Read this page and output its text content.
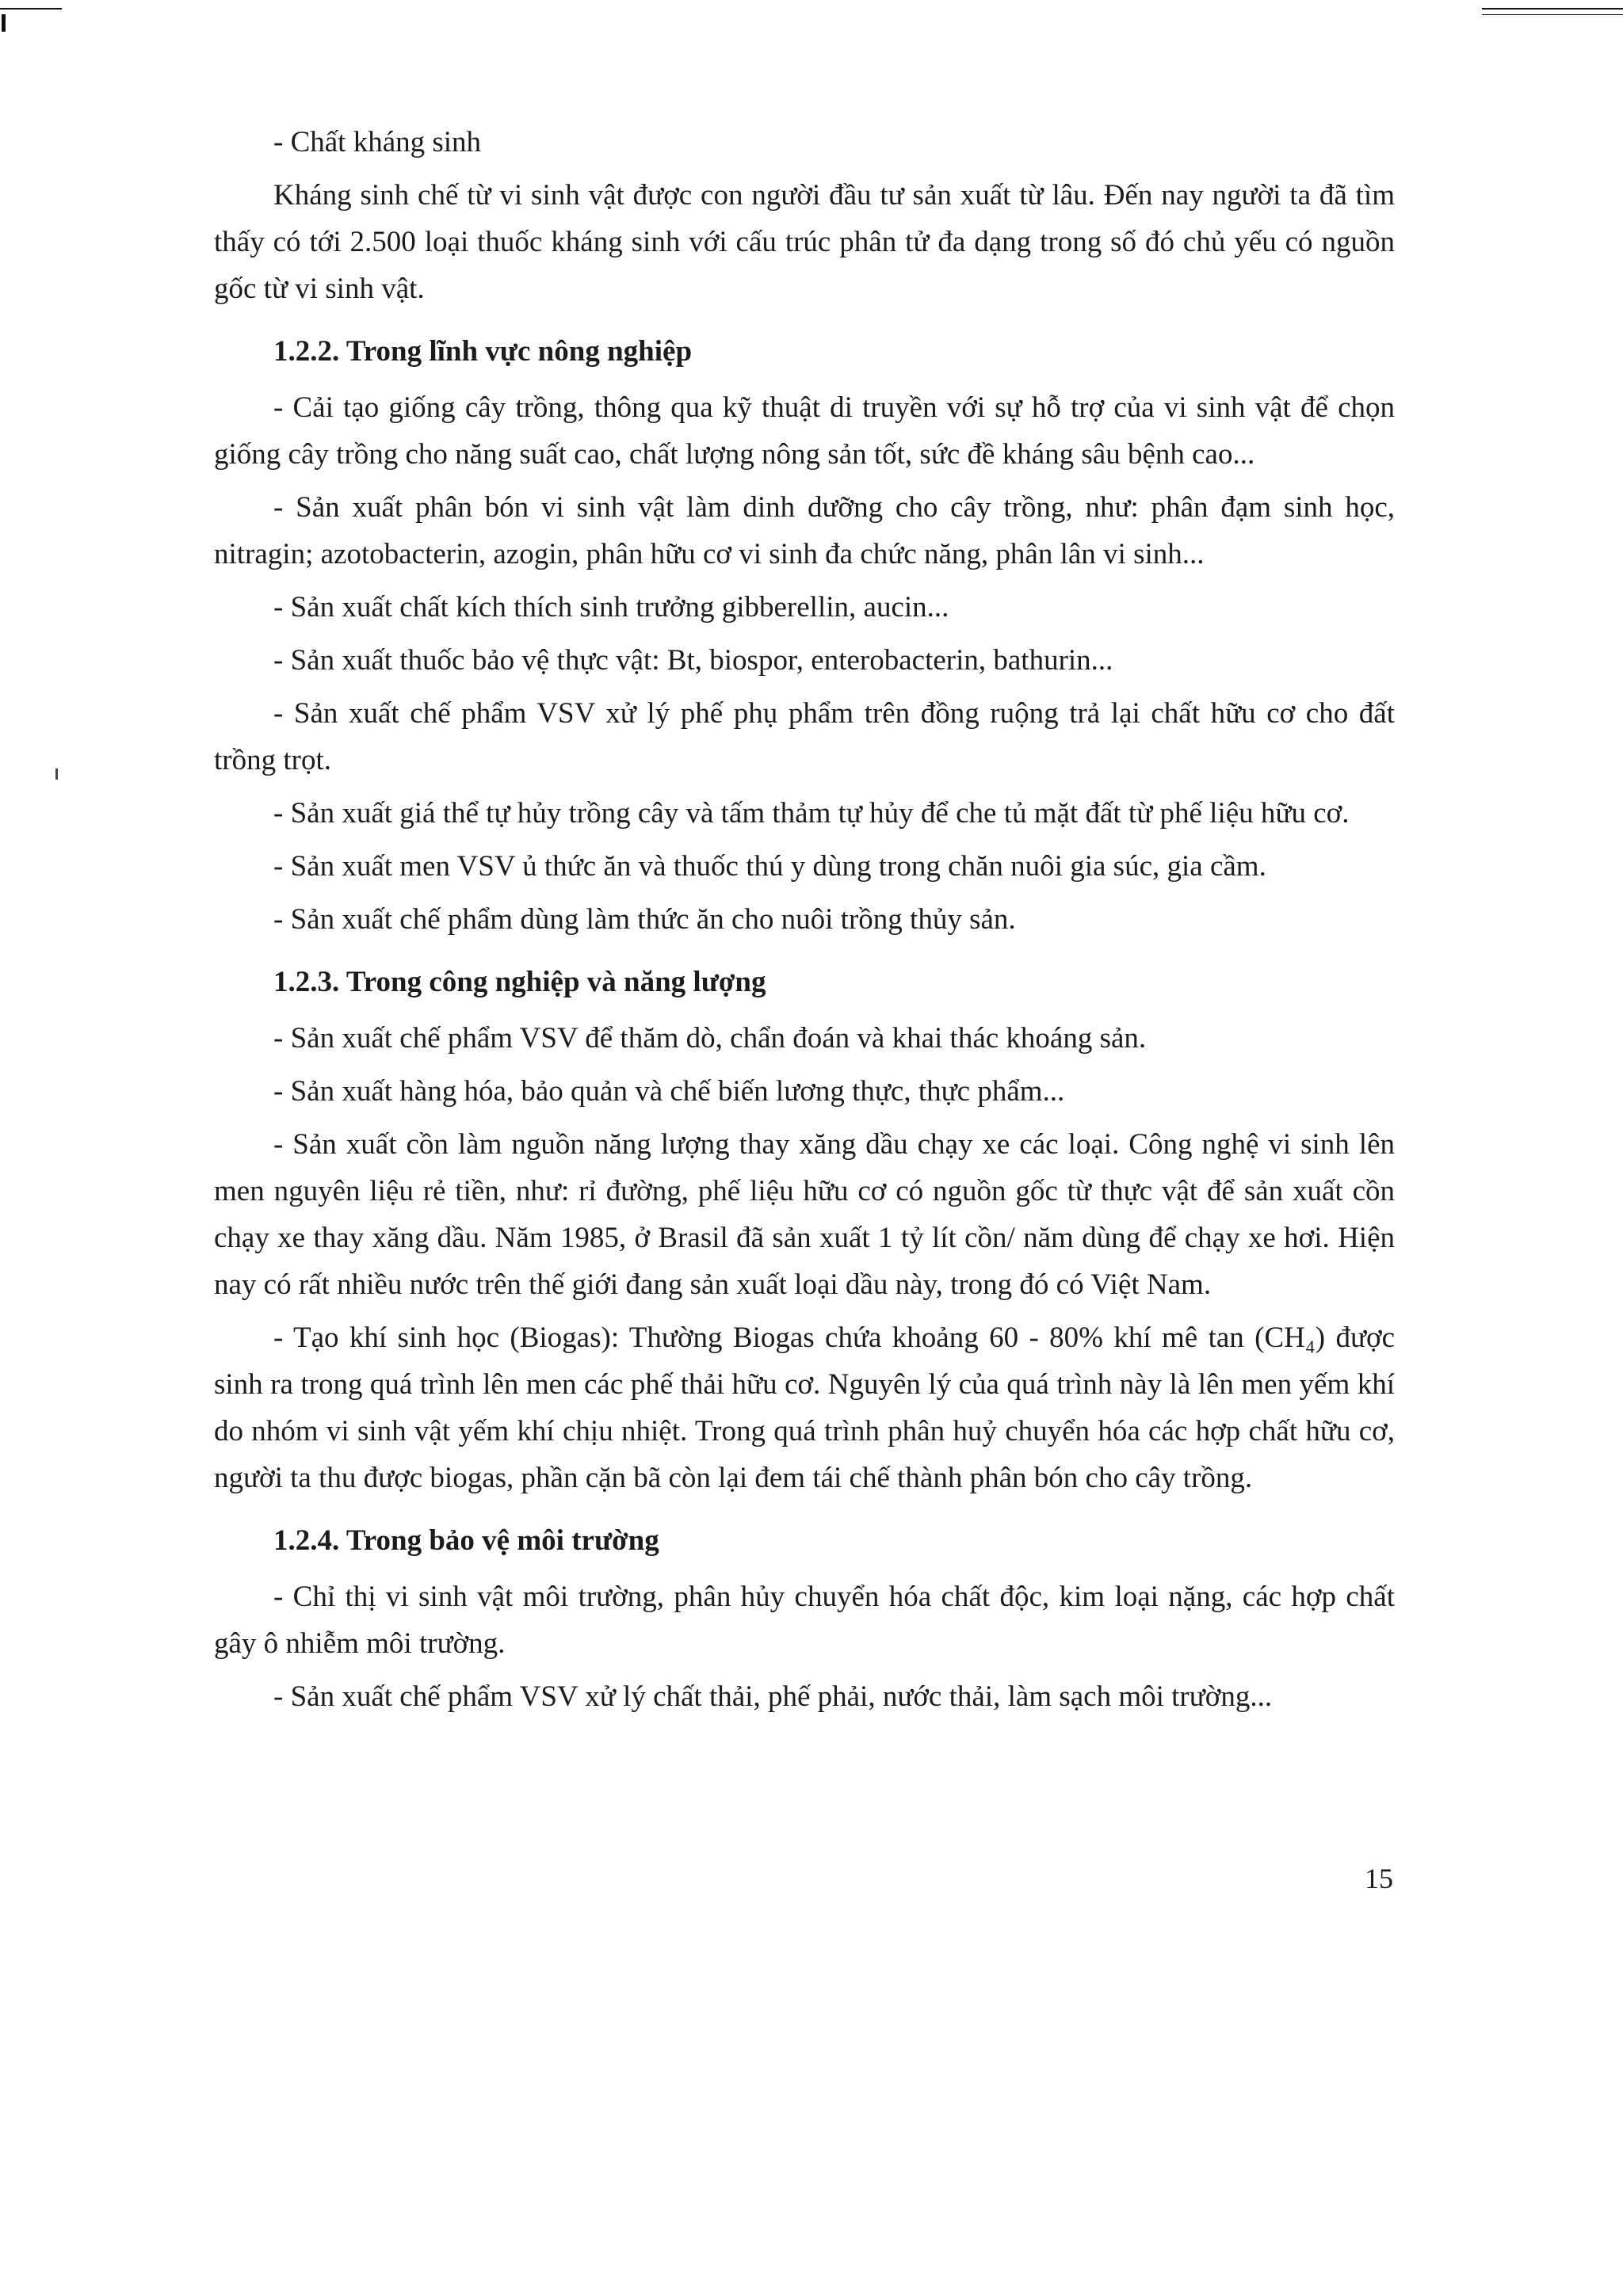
- Chất kháng sinh

Kháng sinh chế từ vi sinh vật được con người đầu tư sản xuất từ lâu. Đến nay người ta đã tìm thấy có tới 2.500 loại thuốc kháng sinh với cấu trúc phân tử đa dạng trong số đó chủ yếu có nguồn gốc từ vi sinh vật.

1.2.2. Trong lĩnh vực nông nghiệp

- Cải tạo giống cây trồng, thông qua kỹ thuật di truyền với sự hỗ trợ của vi sinh vật để chọn giống cây trồng cho năng suất cao, chất lượng nông sản tốt, sức đề kháng sâu bệnh cao...

- Sản xuất phân bón vi sinh vật làm dinh dưỡng cho cây trồng, như: phân đạm sinh học, nitragin; azotobacterin, azogin, phân hữu cơ vi sinh đa chức năng, phân lân vi sinh...

- Sản xuất chất kích thích sinh trưởng gibberellin, aucin...

- Sản xuất thuốc bảo vệ thực vật: Bt, biospor, enterobacterin, bathurin...

- Sản xuất chế phẩm VSV xử lý phế phụ phẩm trên đồng ruộng trả lại chất hữu cơ cho đất trồng trọt.

- Sản xuất giá thể tự hủy trồng cây và tấm thảm tự hủy để che tủ mặt đất từ phế liệu hữu cơ.

- Sản xuất men VSV ủ thức ăn và thuốc thú y dùng trong chăn nuôi gia súc, gia cầm.

- Sản xuất chế phẩm dùng làm thức ăn cho nuôi trồng thủy sản.

1.2.3. Trong công nghiệp và năng lượng

- Sản xuất chế phẩm VSV để thăm dò, chẩn đoán và khai thác khoáng sản.

- Sản xuất hàng hóa, bảo quản và chế biến lương thực, thực phẩm...

- Sản xuất cồn làm nguồn năng lượng thay xăng dầu chạy xe các loại. Công nghệ vi sinh lên men nguyên liệu rẻ tiền, như: rỉ đường, phế liệu hữu cơ có nguồn gốc từ thực vật để sản xuất cồn chạy xe thay xăng dầu. Năm 1985, ở Brasil đã sản xuất 1 tỷ lít cồn/ năm dùng để chạy xe hơi. Hiện nay có rất nhiều nước trên thế giới đang sản xuất loại dầu này, trong đó có Việt Nam.

- Tạo khí sinh học (Biogas): Thường Biogas chứa khoảng 60 - 80% khí mê tan (CH₄) được sinh ra trong quá trình lên men các phế thải hữu cơ. Nguyên lý của quá trình này là lên men yếm khí do nhóm vi sinh vật yếm khí chịu nhiệt. Trong quá trình phân huỷ chuyển hóa các hợp chất hữu cơ, người ta thu được biogas, phần cặn bã còn lại đem tái chế thành phân bón cho cây trồng.

1.2.4. Trong bảo vệ môi trường

- Chỉ thị vi sinh vật môi trường, phân hủy chuyển hóa chất độc, kim loại nặng, các hợp chất gây ô nhiễm môi trường.

- Sản xuất chế phẩm VSV xử lý chất thải, phế phải, nước thải, làm sạch môi trường...

15
